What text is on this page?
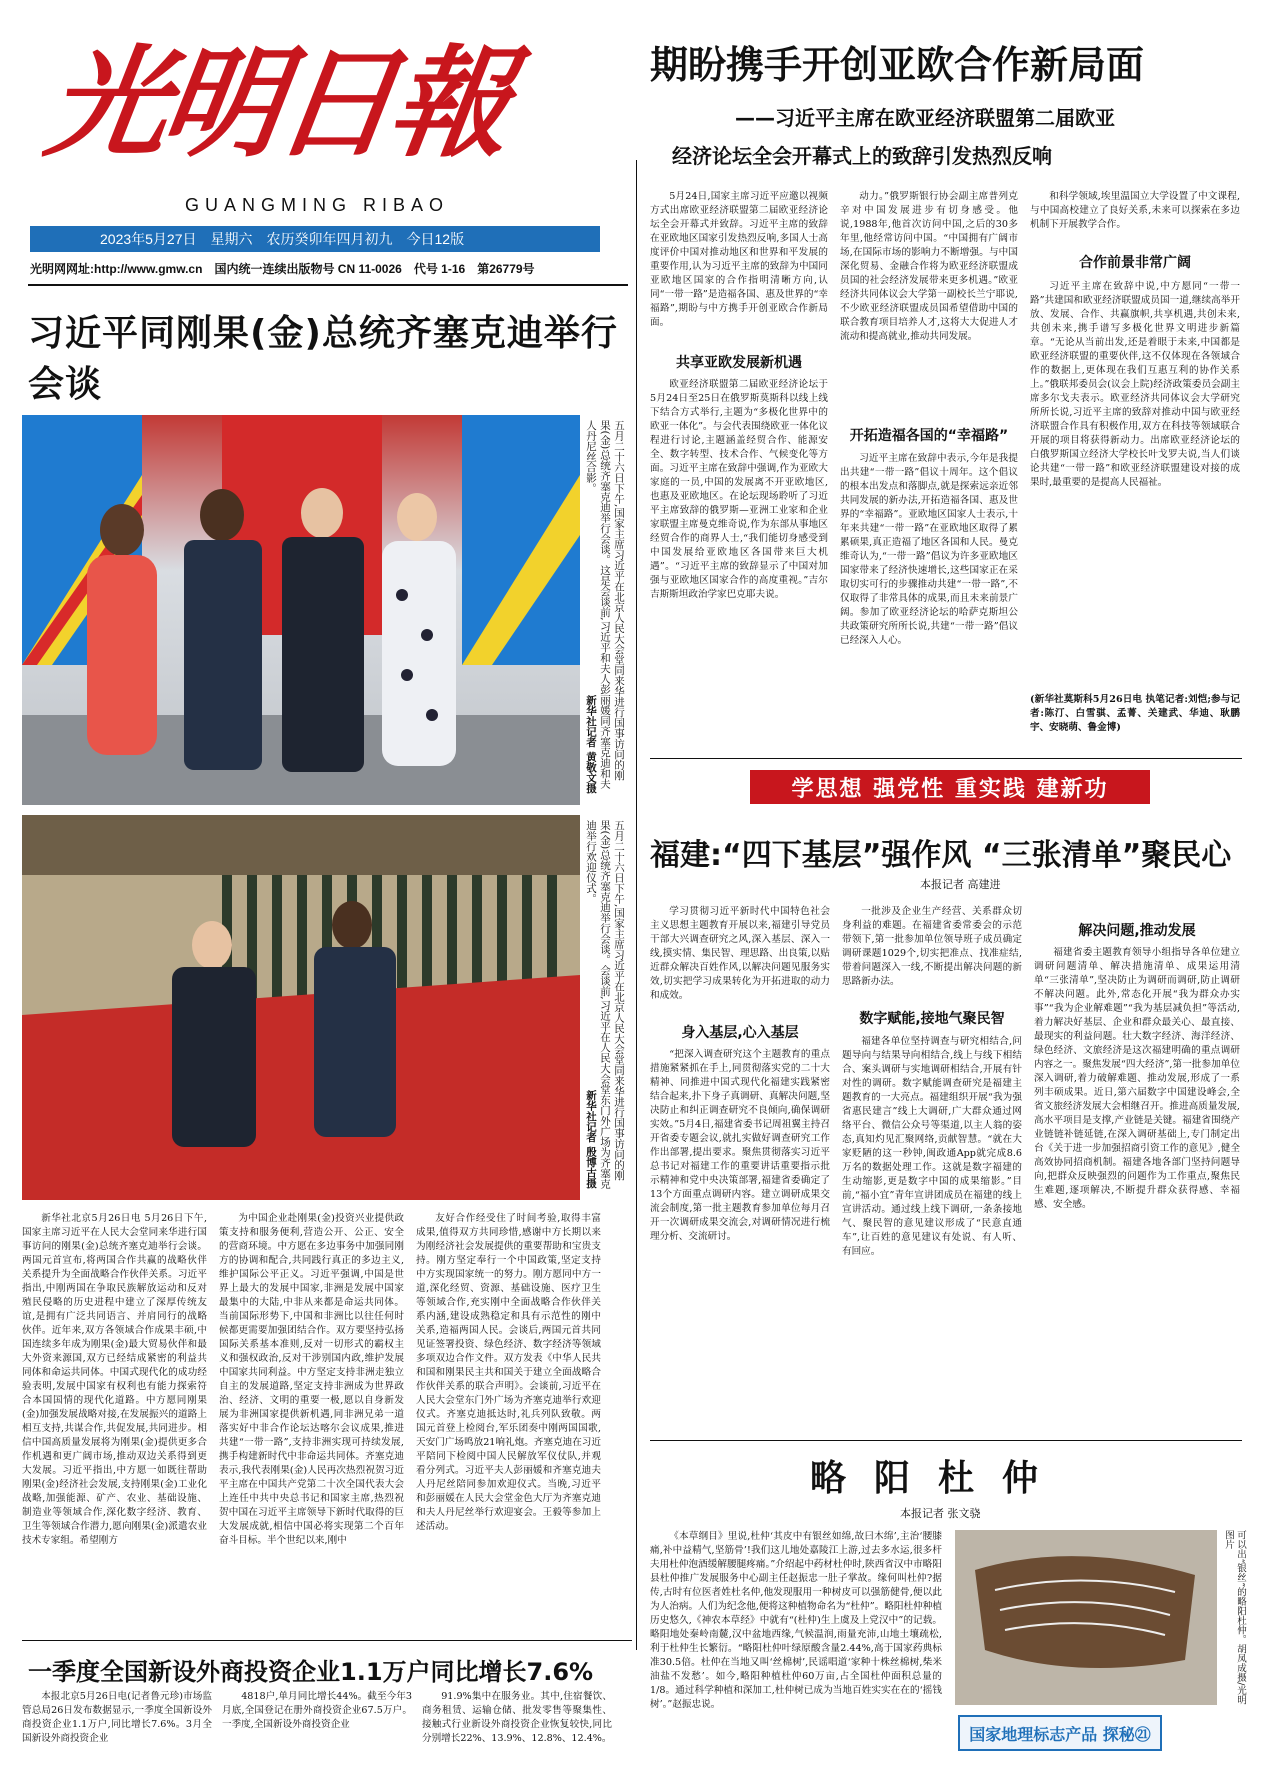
光明日報
GUANGMING RIBAO
2023年5月27日 星期六 农历癸卯年四月初九 今日12版
光明网网址:http://www.gmw.cn 国内统一连续出版物号 CN 11-0026 代号 1-16 第26779号
习近平同刚果(金)总统齐塞克迪举行会谈
五月二十六日下午,国家主席习近平在北京人民大会堂同来华进行国事访问的刚果(金)总统齐塞克迪举行会谈。这是会谈前,习近平和夫人彭丽媛同齐塞克迪和夫人丹尼丝合影。
新华社记者 黄敬文摄
五月二十六日下午,国家主席习近平在北京人民大会堂同来华进行国事访问的刚果(金)总统齐塞克迪举行会谈。会谈前,习近平在人民大会堂东门外广场为齐塞克迪举行欢迎仪式。
新华社记者 殷博古摄

新华社北京5月26日电 5月26日下午,国家主席习近平在人民大会堂同来华进行国事访问的刚果(金)总统齐塞克迪举行会谈。两国元首宣布,将两国合作共赢的战略伙伴关系提升为全面战略合作伙伴关系。习近平指出,中刚两国在争取民族解放运动和反对殖民侵略的历史进程中建立了深厚传统友谊,是拥有广泛共同语言、并肩同行的战略伙伴。近年来,双方各领域合作成果丰硕,中国连续多年成为刚果(金)最大贸易伙伴和最大外资来源国,双方已经结成紧密的利益共同体和命运共同体。中国式现代化的成功经验表明,发展中国家有权利也有能力探索符合本国国情的现代化道路。中方愿同刚果(金)加强发展战略对接,在发展振兴的道路上相互支持,共谋合作,共促发展,共同进步。相信中国高质量发展将为刚果(金)提供更多合作机遇和更广阔市场,推动双边关系得到更大发展。习近平指出,中方愿一如既往帮助刚果(金)经济社会发展,支持刚果(金)工业化战略,加强能源、矿产、农业、基础设施、制造业等领域合作,深化数字经济、教育、卫生等领域合作潜力,愿向刚果(金)派遣农业技术专家组。希望刚方

为中国企业赴刚果(金)投资兴业提供政策支持和服务便利,营造公开、公正、安全的营商环境。中方愿在多边事务中加强同刚方的协调和配合,共同践行真正的多边主义,维护国际公平正义。习近平强调,中国是世界上最大的发展中国家,非洲是发展中国家最集中的大陆,中非从来都是命运共同体。当前国际形势下,中国和非洲比以往任何时候都更需要加强团结合作。双方要坚持弘扬国际关系基本准则,反对一切形式的霸权主义和强权政治,反对干涉别国内政,维护发展中国家共同利益。中方坚定支持非洲走独立自主的发展道路,坚定支持非洲成为世界政治、经济、文明的重要一极,愿以自身新发展为非洲国家提供新机遇,同非洲兄弟一道落实好中非合作论坛达喀尔会议成果,推进共建“一带一路”,支持非洲实现可持续发展,携手构建新时代中非命运共同体。齐塞克迪表示,我代表刚果(金)人民再次热烈祝贺习近平主席在中国共产党第二十次全国代表大会上连任中共中央总书记和国家主席,热烈祝贺中国在习近平主席领导下新时代取得的巨大发展成就,相信中国必将实现第二个百年奋斗目标。半个世纪以来,刚中

友好合作经受住了时间考验,取得丰富成果,值得双方共同珍惜,感谢中方长期以来为刚经济社会发展提供的重要帮助和宝贵支持。刚方坚定奉行一个中国政策,坚定支持中方实现国家统一的努力。刚方愿同中方一道,深化经贸、资源、基础设施、医疗卫生等领域合作,充实刚中全面战略合作伙伴关系内涵,建设成熟稳定和具有示范性的刚中关系,造福两国人民。会谈后,两国元首共同见证签署投资、绿色经济、数字经济等领域多项双边合作文件。双方发表《中华人民共和国和刚果民主共和国关于建立全面战略合作伙伴关系的联合声明》。会谈前,习近平在人民大会堂东门外广场为齐塞克迪举行欢迎仪式。齐塞克迪抵达时,礼兵列队致敬。两国元首登上检阅台,军乐团奏中刚两国国歌,天安门广场鸣放21响礼炮。齐塞克迪在习近平陪同下检阅中国人民解放军仪仗队,并观看分列式。习近平夫人彭丽媛和齐塞克迪夫人丹尼丝陪同参加欢迎仪式。当晚,习近平和彭丽媛在人民大会堂金色大厅为齐塞克迪和夫人丹尼丝举行欢迎宴会。王毅等参加上述活动。

一季度全国新设外商投资企业1.1万户同比增长7.6%

本报北京5月26日电(记者鲁元珍)市场监管总局26日发布数据显示,一季度全国新设外商投资企业1.1万户,同比增长7.6%。3月全国新设外商投资企业

4818户,单月同比增长44%。截至今年3月底,全国登记在册外商投资企业67.5万户。一季度,全国新设外商投资企业

91.9%集中在服务业。其中,住宿餐饮、商务租赁、运输仓储、批发零售等聚集性、接触式行业新设外商投资企业恢复较快,同比分别增长22%、13.9%、12.8%、12.4%。

期盼携手开创亚欧合作新局面
——习近平主席在欧亚经济联盟第二届欧亚
经济论坛全会开幕式上的致辞引发热烈反响

5月24日,国家主席习近平应邀以视频方式出席欧亚经济联盟第二届欧亚经济论坛全会开幕式并致辞。习近平主席的致辞在亚欧地区国家引发热烈反响,多国人士高度评价中国对推动地区和世界和平发展的重要作用,认为习近平主席的致辞为中国同亚欧地区国家的合作指明清晰方向,认同“一带一路”是造福各国、惠及世界的“幸福路”,期盼与中方携手开创亚欧合作新局面。

共享亚欧发展新机遇

欧亚经济联盟第二届欧亚经济论坛于5月24日至25日在俄罗斯莫斯科以线上线下结合方式举行,主题为“多极化世界中的欧亚一体化”。与会代表围绕欧亚一体化议程进行讨论,主题涵盖经贸合作、能源安全、数字转型、技术合作、气候变化等方面。习近平主席在致辞中强调,作为亚欧大家庭的一员,中国的发展离不开亚欧地区,也惠及亚欧地区。在论坛现场聆听了习近平主席致辞的俄罗斯—亚洲工业家和企业家联盟主席曼克维奇说,作为东部从事地区经贸合作的商界人士,“我们能切身感受到中国发展给亚欧地区各国带来巨大机遇”。“习近平主席的致辞显示了中国对加强与亚欧地区国家合作的高度重视。”吉尔吉斯斯坦政治学家巴克耶夫说。

动力。”俄罗斯银行协会副主席普列克辛对中国发展进步有切身感受。他说,1988年,他首次访问中国,之后的30多年里,他经常访问中国。“中国拥有广阔市场,在国际市场的影响力不断增强。与中国深化贸易、金融合作将为欧亚经济联盟成员国的社会经济发展带来更多机遇。”欧亚经济共同体议会大学第一副校长兰宁耶说,不少欧亚经济联盟成员国希望借助中国的联合教育项目培养人才,这将大大促进人才流动和提高就业,推动共同发展。

开拓造福各国的“幸福路”

习近平主席在致辞中表示,今年是我提出共建“一带一路”倡议十周年。这个倡议的根本出发点和落脚点,就是探索远亲近邻共同发展的新办法,开拓造福各国、惠及世界的“幸福路”。亚欧地区国家人士表示,十年来共建“一带一路”在亚欧地区取得了累累硕果,真正造福了地区各国和人民。曼克维奇认为,“一带一路”倡议为许多亚欧地区国家带来了经济快速增长,这些国家正在采取切实可行的步骤推动共建“一带一路”,不仅取得了非常具体的成果,而且未来前景广阔。参加了欧亚经济论坛的哈萨克斯坦公共政策研究所所长说,共建“一带一路”倡议已经深入人心。

和科学领域,埃里温国立大学设置了中文课程,与中国高校建立了良好关系,未来可以探索在多边机制下开展教学合作。

合作前景非常广阔

习近平主席在致辞中说,中方愿同“一带一路”共建国和欧亚经济联盟成员国一道,继续高举开放、发展、合作、共赢旗帜,共享机遇,共创未来,共创未来,携手谱写多极化世界文明进步新篇章。“无论从当前出发,还是着眼于未来,中国都是欧亚经济联盟的重要伙伴,这不仅体现在各领域合作的数据上,更体现在我们互惠互利的协作关系上。”俄联邦委员会(议会上院)经济政策委员会副主席多尔戈夫表示。欧亚经济共同体议会大学研究所所长说,习近平主席的致辞对推动中国与欧亚经济联盟合作具有积极作用,双方在科技等领域联合开展的项目将获得新动力。出席欧亚经济论坛的白俄罗斯国立经济大学校长叶戈罗夫说,当人们谈论共建“一带一路”和欧亚经济联盟建设对接的成果时,最重要的是提高人民福祉。

(新华社莫斯科5月26日电 执笔记者:刘恺;参与记者:陈汀、白雪骐、孟菁、关建武、华迪、耿鹏宇、安晓萌、鲁金博)

学思想 强党性 重实践 建新功
福建:“四下基层”强作风 “三张清单”聚民心
本报记者 高建进

学习贯彻习近平新时代中国特色社会主义思想主题教育开展以来,福建引导党员干部大兴调查研究之风,深入基层、深入一线,摸实情、集民智、理思路、出良策,以贴近群众解决百姓作风,以解决问题见服务实效,切实把学习成果转化为开拓进取的动力和成效。

身入基层,心入基层

“把深入调查研究这个主题教育的重点措施紧紧抓在手上,同贯彻落实党的二十大精神、同推进中国式现代化福建实践紧密结合起来,扑下身子真调研、真解决问题,坚决防止和纠正调查研究不良倾向,确保调研实效。”5月4日,福建省委书记周祖翼主持召开省委专题会议,就扎实做好调查研究工作作出部署,提出要求。聚焦贯彻落实习近平总书记对福建工作的重要讲话重要指示批示精神和党中央决策部署,福建省委确定了13个方面重点调研内容。建立调研成果交流会制度,第一批主题教育参加单位每月召开一次调研成果交流会,对调研情况进行梳理分析、交流研讨。

一批涉及企业生产经营、关系群众切身利益的难题。在福建省委常委会的示范带领下,第一批参加单位领导班子成员确定调研课题1029个,切实把准点、找准症结,带着问题深入一线,不断提出解决问题的新思路新办法。

数字赋能,接地气聚民智

福建各单位坚持调查与研究相结合,问题导向与结果导向相结合,线上与线下相结合、案头调研与实地调研相结合,开展有针对性的调研。数字赋能调查研究是福建主题教育的一大亮点。福建组织开展“我为强省惠民建言”线上大调研,广大群众通过网络平台、微信公众号等渠道,以主人翁的姿态,真知灼见汇聚网络,贡献智慧。“就在大家贬陋的这一秒钟,闽政通App就完成8.6万名的数据处理工作。这就是数字福建的生动缩影,更是数字中国的成果缩影。”目前,“福小宜”青年宣讲团成员在福建的线上宣讲活动。通过线上线下调研,一条条接地气、聚民智的意见建议形成了“民意直通车”,让百姓的意见建议有处说、有人听、有回应。

解决问题,推动发展

福建省委主题教育领导小组指导各单位建立调研问题清单、解决措施清单、成果运用清单“三张清单”,坚决防止为调研而调研,防止调研不解决问题。此外,常态化开展“我为群众办实事”“我为企业解难题”“我为基层减负担”等活动,着力解决好基层、企业和群众最关心、最直接、最现实的利益问题。壮大数字经济、海洋经济、绿色经济、文旅经济是这次福建明确的重点调研内容之一。聚焦发展“四大经济”,第一批参加单位深入调研,着力破解难题、推动发展,形成了一系列丰硕成果。近日,第六届数字中国建设峰会,全省文旅经济发展大会相继召开。推进高质量发展,高水平项目是支撑,产业链是关键。福建省围绕产业链链补链延链,在深入调研基础上,专门制定出台《关于进一步加强招商引资工作的意见》,健全高效协同招商机制。福建各地各部门坚持问题导向,把群众反映强烈的问题作为工作重点,聚焦民生难题,逐项解决,不断提升群众获得感、幸福感、安全感。

略阳杜仲
本报记者 张文骁

《本草纲目》里说,杜仲‘其皮中有银丝如绵,故曰木绵’,主治‘腰膝痛,补中益精气,坚筋骨’!我们这儿地处嘉陵江上游,过去多水运,很多杆夫用杜仲泡酒缓解腰腿疼痛。”介绍起中药材杜仲时,陕西省汉中市略阳县杜仲推广发展服务中心副主任赵振忠一肚子掌故。缘何叫杜仲?据传,古时有位医者姓杜名仲,他发现服用一种树皮可以强筋健骨,便以此为人治病。人们为纪念他,便将这种植物命名为“杜仲”。略阳杜仲种植历史悠久,《神农本草经》中就有“(杜仲)生上虞及上党汉中”的记载。略阳地处秦岭南麓,汉中盆地西缘,气候温润,雨量充沛,山地土壤疏松,利于杜仲生长繁衍。“略阳杜仲叶绿原酸含量2.44%,高于国家药典标准30.5倍。杜仲在当地又叫‘丝棉树’,民谣唱道‘家种十株丝棉树,柴米油盐不发愁’。如今,略阳种植杜仲60万亩,占全国杜仲面积总量的1/8。通过科学种植和深加工,杜仲树已成为当地百姓实实在在的‘摇钱树’。”赵振忠说。

可以出“银丝”的略阳杜仲。胡凤成摄/光明图片
国家地理标志产品 探秘㉑
